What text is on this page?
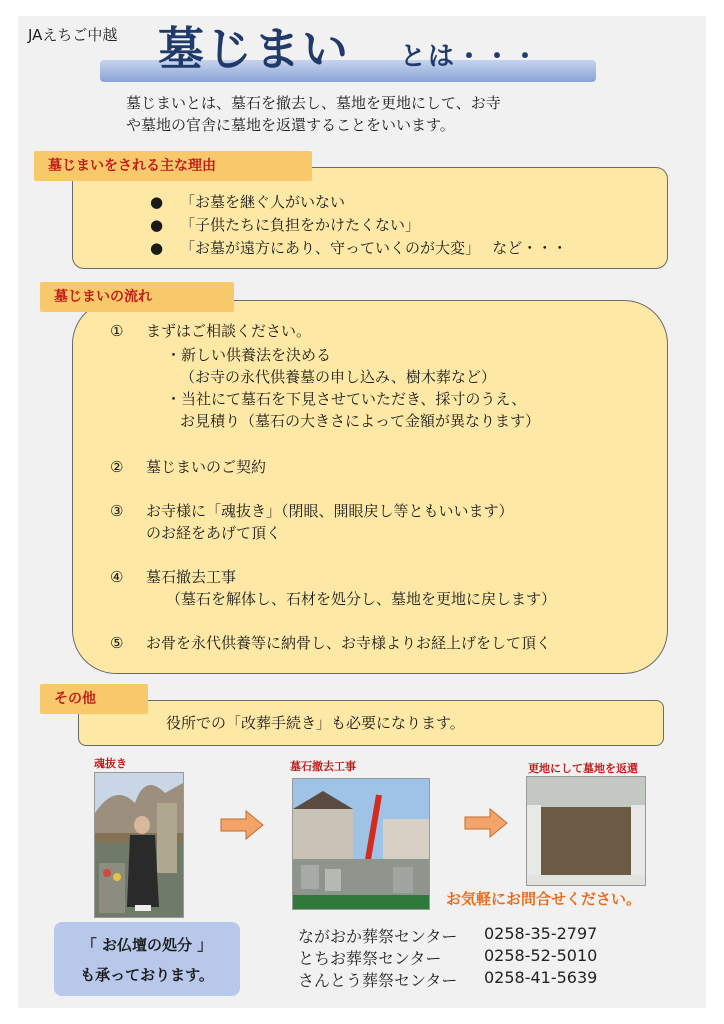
JAえちご中越 墓じまい とは・・・
墓じまいとは、墓石を撤去し、墓地を更地にして、お寺
や墓地の官舎に墓地を返還することをいいます。
墓じまいをされる主な理由
● 「お墓を継ぐ人がいない
● 「子供たちに負担をかけたくない」
● 「お墓が遠方にあり、守っていくのが大変」　 など・・・
墓じまいの流れ
① まずはご相談ください。
・新しい供養法を決める
（お寺の永代供養墓の申し込み、樹木葬など）
・当社にて墓石を下見させていただき、採寸のうえ、
お見積り（墓石の大きさによって金額が異なります）
② 墓じまいのご契約
③ お寺様に「魂抜き」（閉眼、開眼戻し等ともいいます）
のお経をあげて頂く
④ 墓石撤去工事
（墓石を解体し、石材を処分し、墓地を更地に戻します）
⑤ お骨を永代供養等に納骨し、お寺様よりお経上げをして頂く
その他
役所での「改葬手続き」も必要になります。
魂抜き	墓石撤去工事	更地にして墓地を返還
お気軽にお問合せください。
ながおか葬祭センター 0258-35-2797
とちお葬祭センター	0258-52-5010
さんとう葬祭センター 0258-41-5639
「 お仏壇の処分 」
も承っております。
